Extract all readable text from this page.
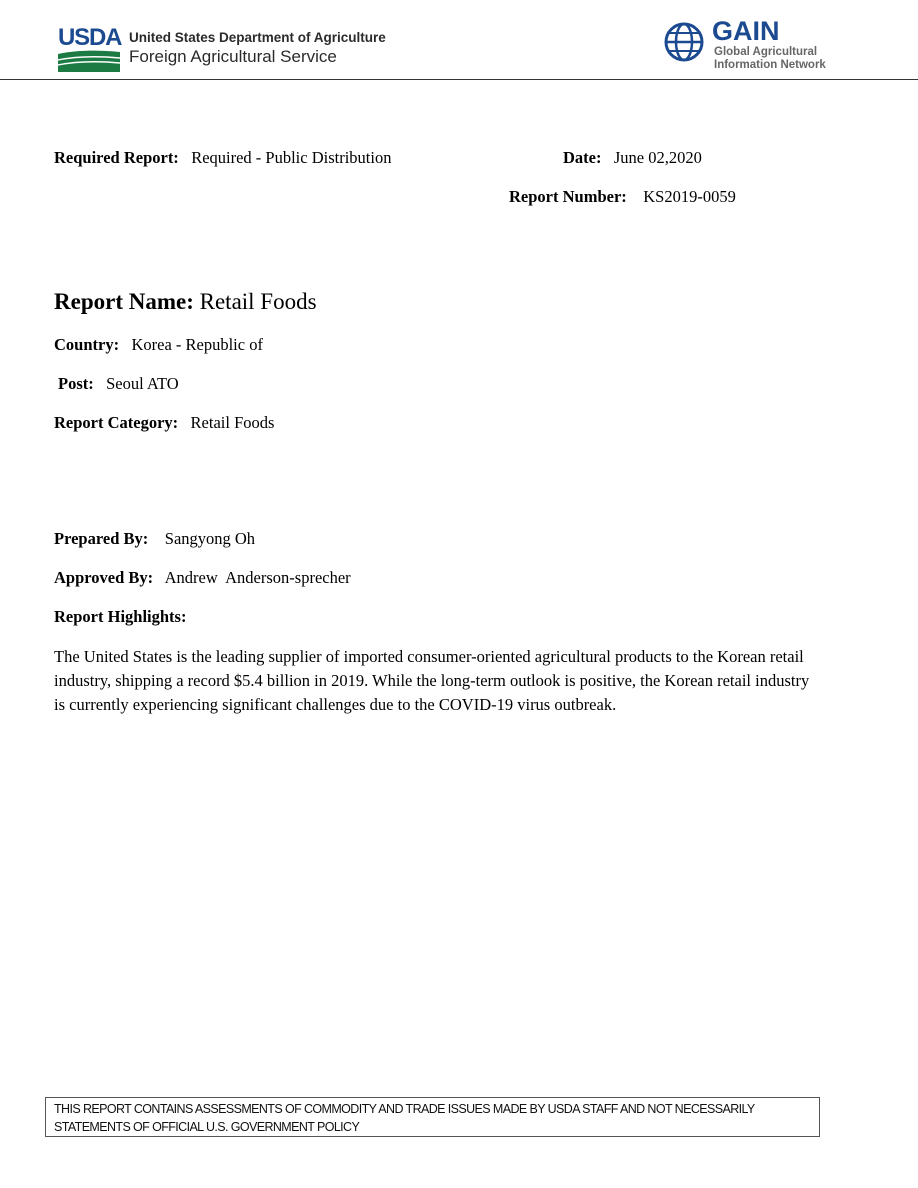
USDA United States Department of Agriculture
Foreign Agricultural Service
GAIN
Global Agricultural
Information Network
Required Report: Required - Public Distribution	Date: June 02,2020
Report Number: KS2019-0059
Report Name: Retail Foods
Country: Korea - Republic of
Post: Seoul ATO
Report Category: Retail Foods
Prepared By: Sangyong Oh
Approved By: Andrew  Anderson-sprecher
Report Highlights:
The United States is the leading supplier of imported consumer-oriented agricultural products to the Korean retail industry, shipping a record $5.4 billion in 2019. While the long-term outlook is positive, the Korean retail industry is currently experiencing significant challenges due to the COVID-19 virus outbreak.
THIS REPORT CONTAINS ASSESSMENTS OF COMMODITY AND TRADE ISSUES MADE BY USDA STAFF AND NOT NECESSARILY
STATEMENTS OF OFFICIAL U.S. GOVERNMENT POLICY
